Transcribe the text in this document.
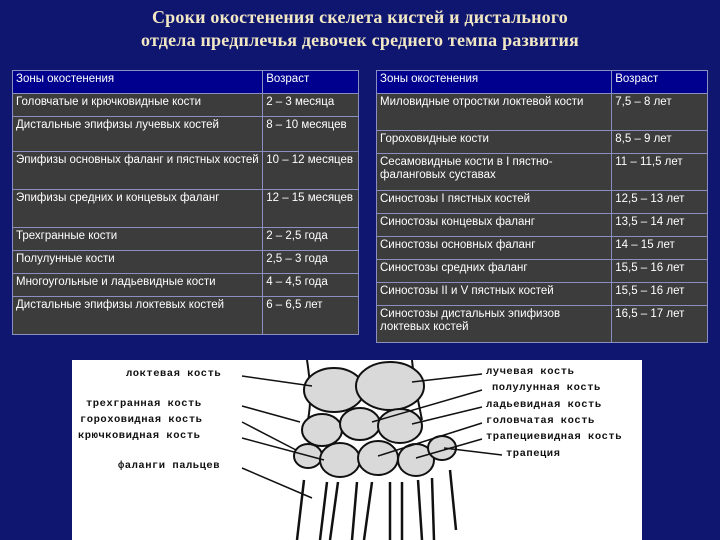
Сроки окостенения скелета кистей и дистального
отдела предплечья девочек среднего темпа развития
Зоны окостенения	Возраст
Головчатые и крючковидные кости	2 – 3 месяца
Дистальные эпифизы лучевых костей	8 – 10 месяцев
Эпифизы основных фаланг и пястных костей	10 – 12 месяцев
Эпифизы средних и концевых фаланг	12 – 15 месяцев
Трехгранные кости	2 – 2,5 года
Полулунные кости	2,5 – 3 года
Многоугольные и ладьевидные кости	4 – 4,5 года
Дистальные эпифизы локтевых костей	6 – 6,5 лет
Зоны окостенения	Возраст
Миловидные отростки локтевой кости	7,5 – 8 лет
Гороховидные кости	8,5 – 9 лет
Сесамовидные кости в I пястно-фаланговых суставах	11 – 11,5 лет
Синостозы I пястных костей	12,5 – 13 лет
Синостозы концевых фаланг	13,5 – 14 лет
Синостозы основных фаланг	14 – 15 лет
Синостозы средних фаланг	15,5 – 16 лет
Синостозы II и V пястных костей	15,5 – 16 лет
Синостозы дистальных эпифизов локтевых костей	16,5 – 17 лет
локтевая кость
трехгранная кость
гороховидная кость
крючковидная кость
фаланги пальцев
лучевая кость
полулунная кость
ладьевидная кость
головчатая кость
трапециевидная кость
трапеция
